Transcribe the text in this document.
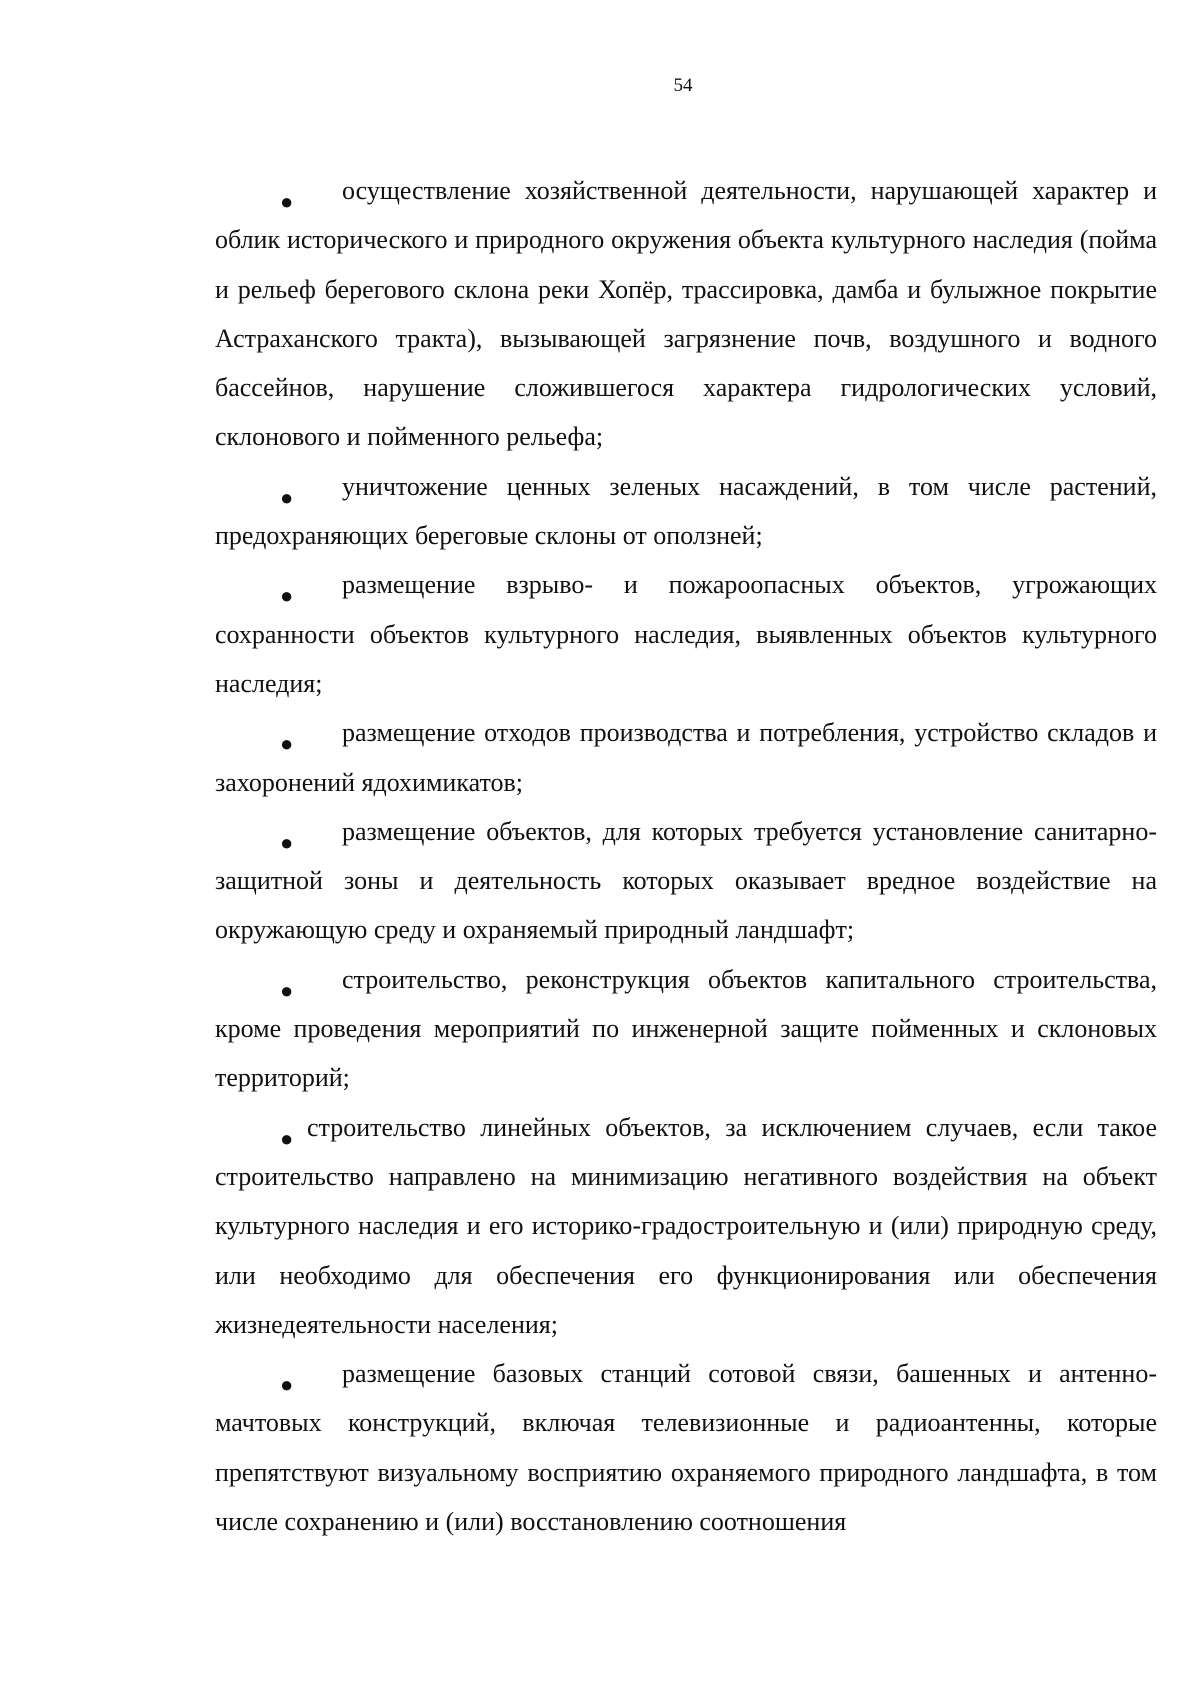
54

● осуществление хозяйственной деятельности, нарушающей характер и облик исторического и природного окружения объекта культурного наследия (пойма и рельеф берегового склона реки Хопёр, трассировка, дамба и булыжное покрытие Астраханского тракта), вызывающей загрязнение почв, воздушного и водного бассейнов, нарушение сложившегося характера гидрологических условий, склонового и пойменного рельефа;

● уничтожение ценных зеленых насаждений, в том числе растений, предохраняющих береговые склоны от оползней;

● размещение взрыво- и пожароопасных объектов, угрожающих сохранности объектов культурного наследия, выявленных объектов культурного наследия;

● размещение отходов производства и потребления, устройство складов и захоронений ядохимикатов;

● размещение объектов, для которых требуется установление санитарно-защитной зоны и деятельность которых оказывает вредное воздействие на окружающую среду и охраняемый природный ландшафт;

● строительство, реконструкция объектов капитального строительства, кроме проведения мероприятий по инженерной защите пойменных и склоновых территорий;

● строительство линейных объектов, за исключением случаев, если такое строительство направлено на минимизацию негативного воздействия на объект культурного наследия и его историко-градостроительную и (или) природную среду, или необходимо для обеспечения его функционирования или обеспечения жизнедеятельности населения;

● размещение базовых станций сотовой связи, башенных и антенно-мачтовых конструкций, включая телевизионные и радиоантенны, которые препятствуют визуальному восприятию охраняемого природного ландшафта, в том числе сохранению и (или) восстановлению соотношения
